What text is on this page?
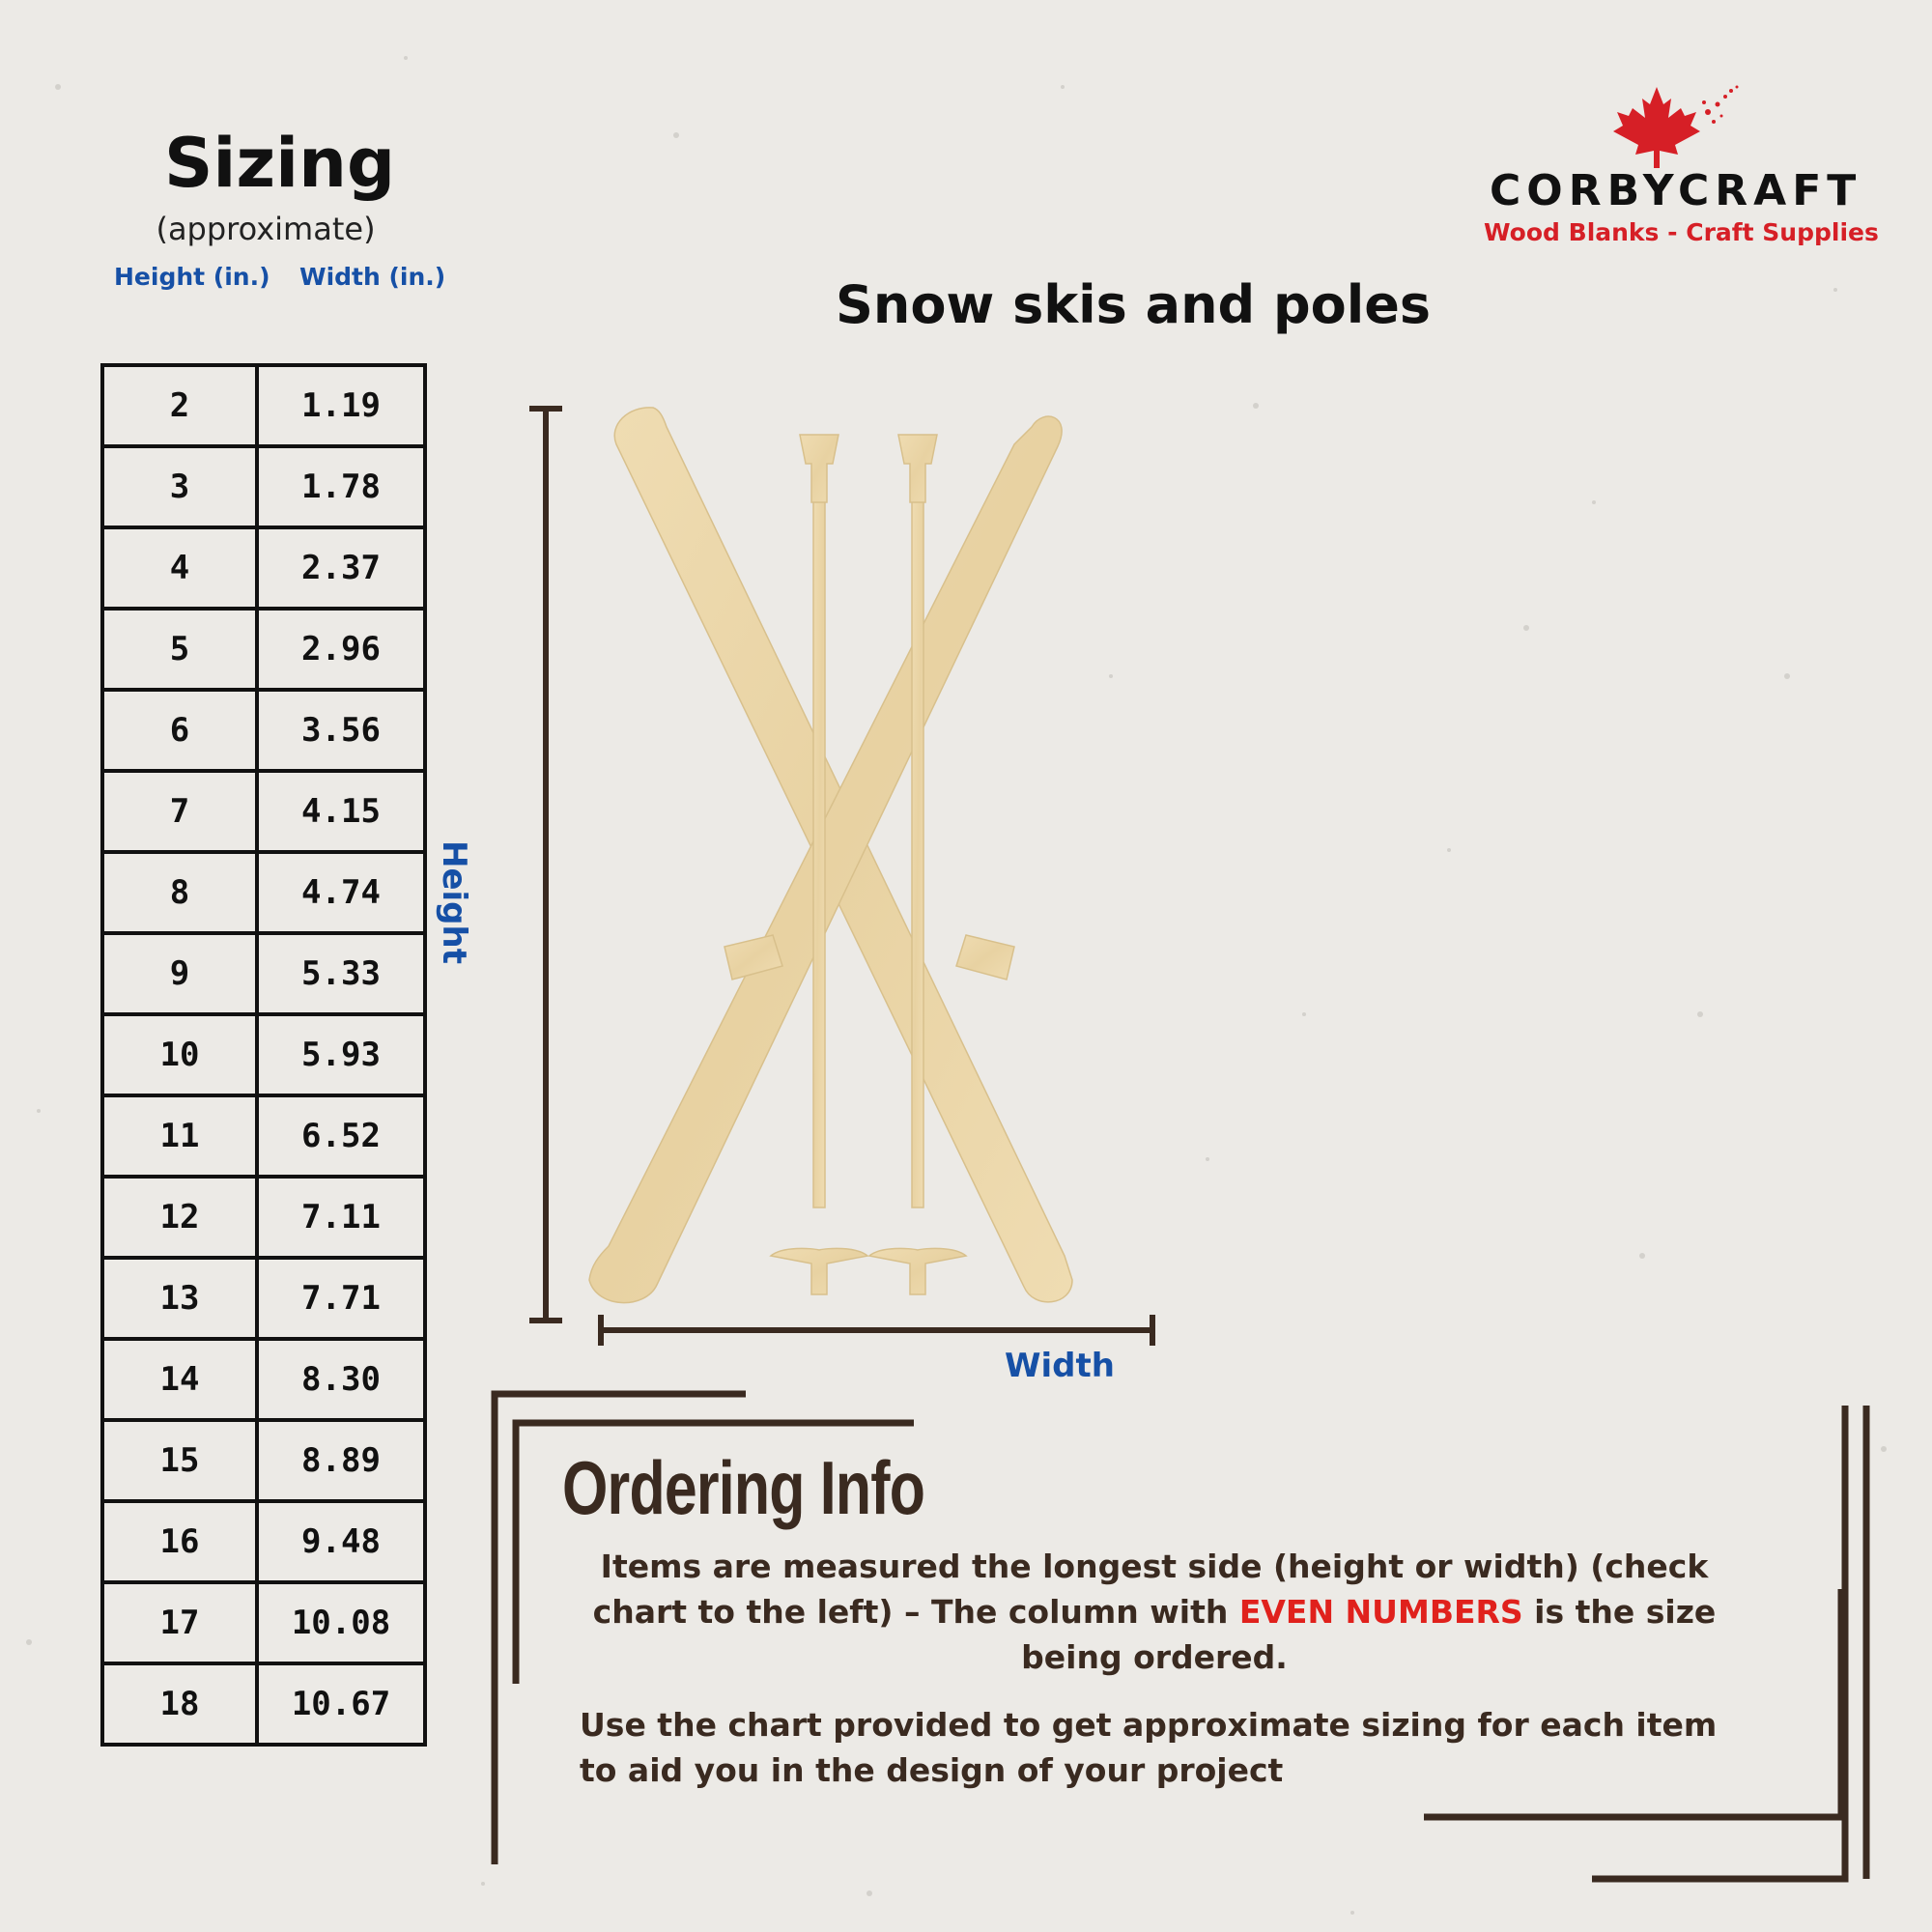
Sizing
(approximate)
Height (in.) Width (in.)
2	1.19
3	1.78
4	2.37
5	2.96
6	3.56
7	4.15
8	4.74
9	5.33
10	5.93
11	6.52
12	7.11
13	7.71
14	8.30
15	8.89
16	9.48
17	10.08
18	10.67
CORBYCRAFT
Wood Blanks - Craft Supplies
Snow skis and poles
Height
Width
Ordering Info
Items are measured the longest side (height or width) (check chart to the left) – The column with EVEN NUMBERS is the size being ordered.
Use the chart provided to get approximate sizing for each item to aid you in the design of your project
